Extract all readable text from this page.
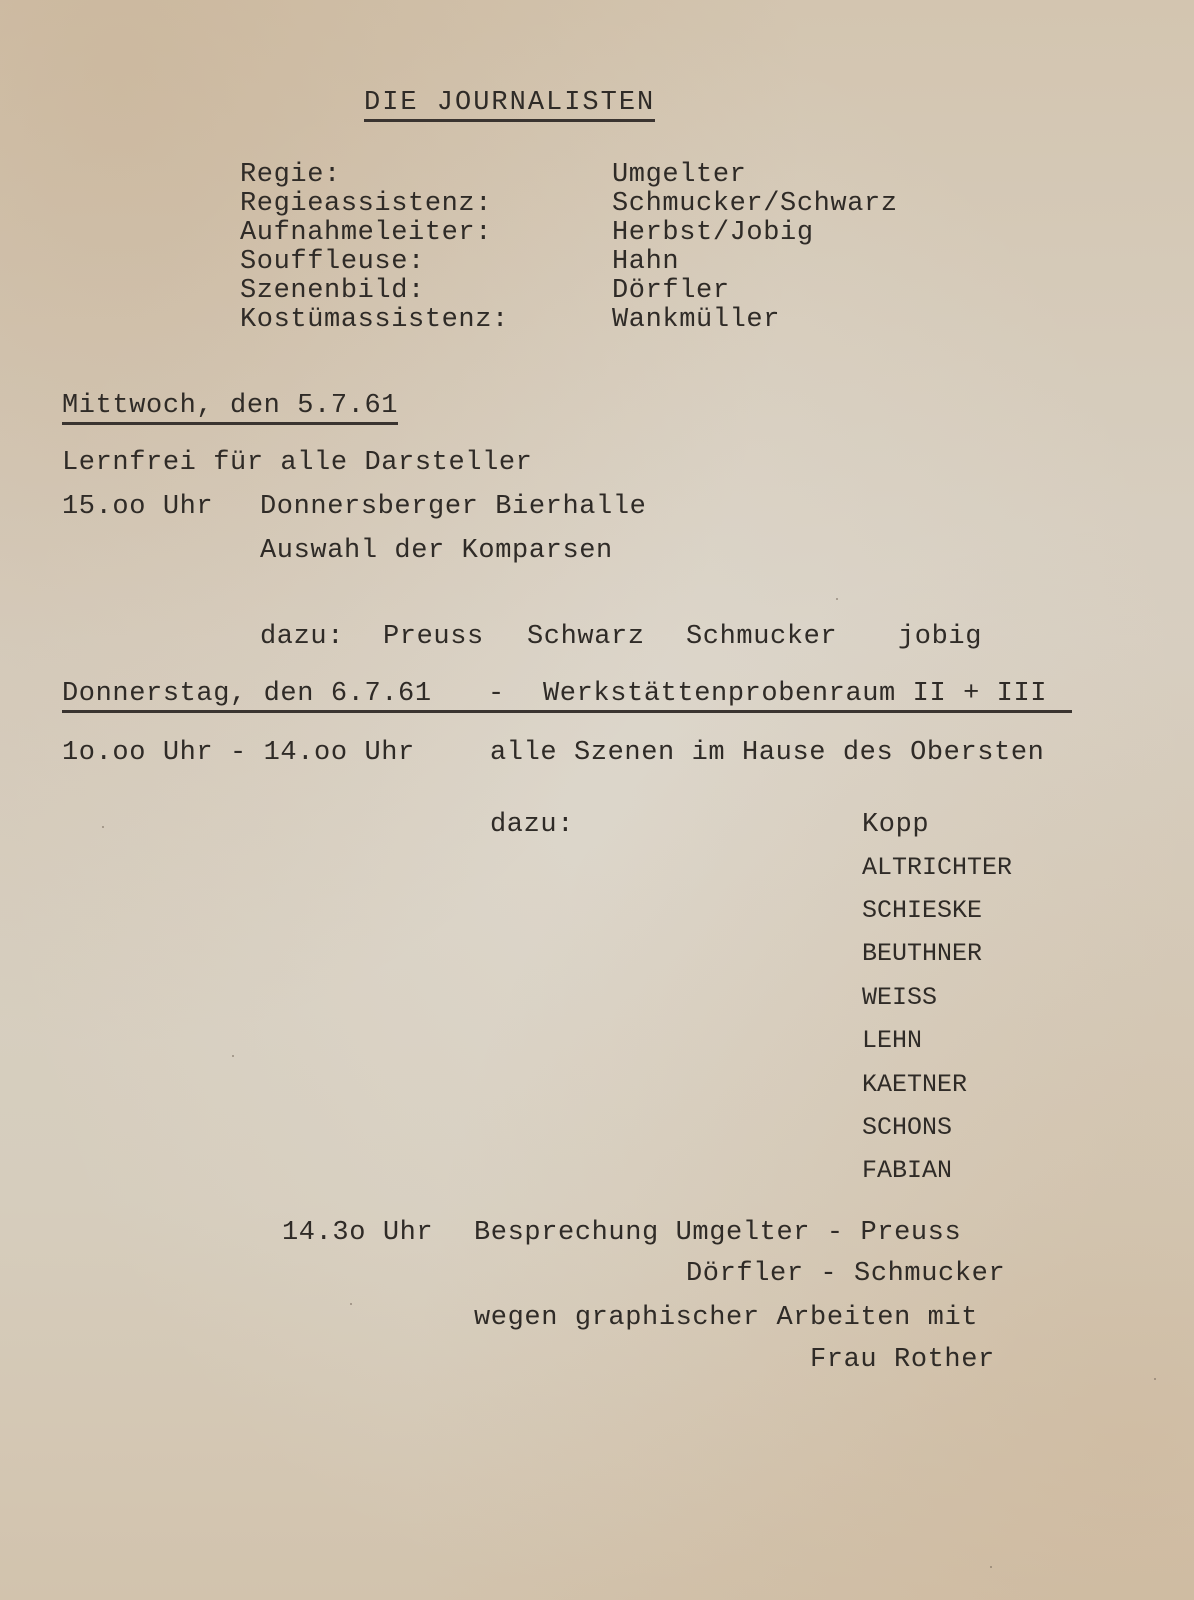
DIE JOURNALISTEN
Regie:	Umgelter
Regieassistenz:	Schmucker/Schwarz
Aufnahmeleiter:	Herbst/Jobig
Souffleuse:	Hahn
Szenenbild:	Dörfler
Kostümassistenz:	Wankmüller
Mittwoch, den 5.7.61
Lernfrei für alle Darsteller
15.oo Uhr Donnersberger Bierhalle
Auswahl der Komparsen
dazu: Preuss Schwarz Schmucker jobig
Donnerstag, den 6.7.61 - Werkstättenprobenraum II + III
1o.oo Uhr - 14.oo Uhr	alle Szenen im Hause des Obersten
dazu:	Kopp
ALTRICHTER
SCHIESKE
BEUTHNER
WEISS
LEHN
KAETNER
SCHONS
FABIAN
14.3o Uhr Besprechung Umgelter - Preuss
Dörfler - Schmucker
wegen graphischer Arbeiten mit
Frau Rother
